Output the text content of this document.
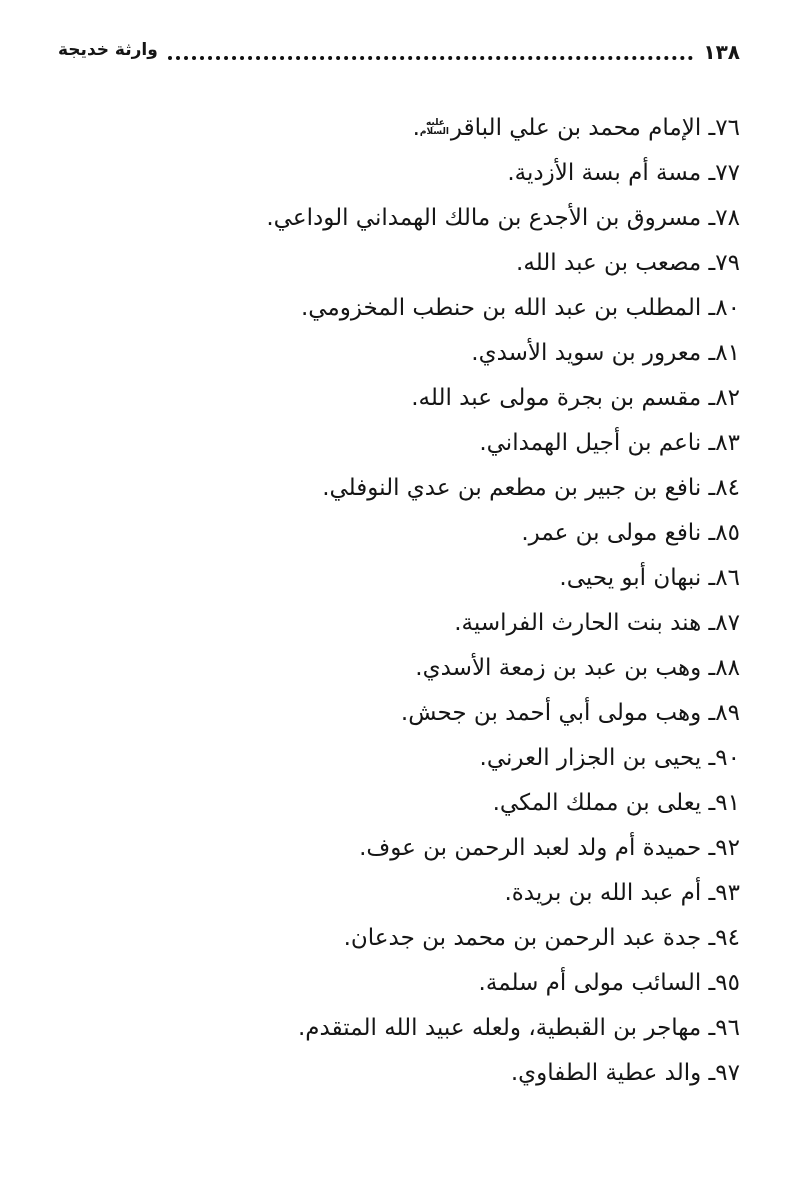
وارثة خديجة	١٣٨
٧٦ـ الإمام محمد بن علي الباقرعليه السلام.
٧٧ـ مسة أم بسة الأزدية.
٧٨ـ مسروق بن الأجدع بن مالك الهمداني الوداعي.
٧٩ـ مصعب بن عبد الله.
٨٠ـ المطلب بن عبد الله بن حنطب المخزومي.
٨١ـ معرور بن سويد الأسدي.
٨٢ـ مقسم بن بجرة مولى عبد الله.
٨٣ـ ناعم بن أجيل الهمداني.
٨٤ـ نافع بن جبير بن مطعم بن عدي النوفلي.
٨٥ـ نافع مولى بن عمر.
٨٦ـ نبهان أبو يحيى.
٨٧ـ هند بنت الحارث الفراسية.
٨٨ـ وهب بن عبد بن زمعة الأسدي.
٨٩ـ وهب مولى أبي أحمد بن جحش.
٩٠ـ يحيى بن الجزار العرني.
٩١ـ يعلى بن مملك المكي.
٩٢ـ حميدة أم ولد لعبد الرحمن بن عوف.
٩٣ـ أم عبد الله بن بريدة.
٩٤ـ جدة عبد الرحمن بن محمد بن جدعان.
٩٥ـ السائب مولى أم سلمة.
٩٦ـ مهاجر بن القبطية، ولعله عبيد الله المتقدم.
٩٧ـ والد عطية الطفاوي.
